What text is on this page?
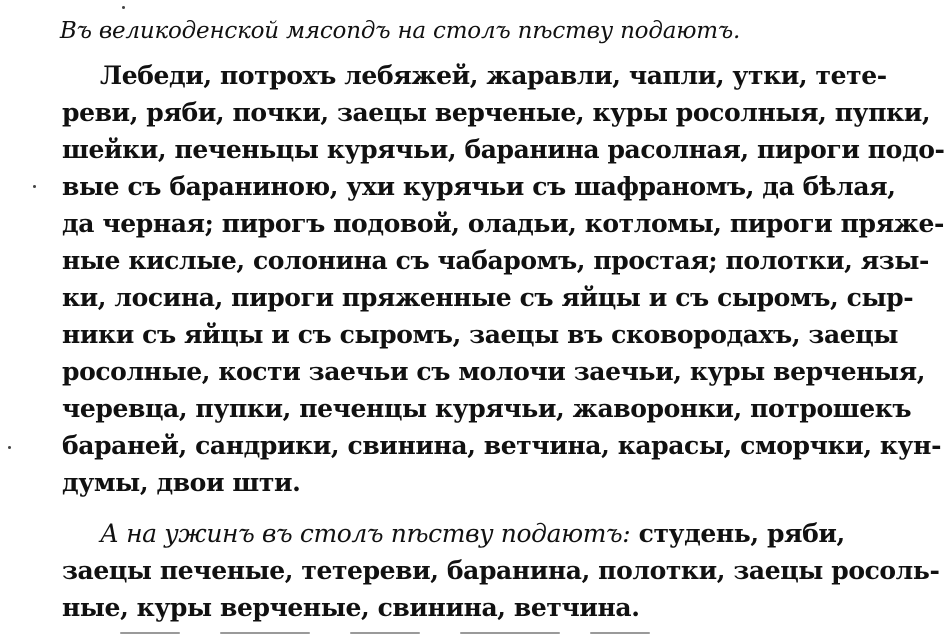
Въ великоденской мясопдъ на столъ пѣству подаютъ.
Лебеди, потрохъ лебяжей, жаравли, чапли, утки, тете-
реви, ряби, почки, заецы верченые, куры росолныя, пупки,
шейки, печеньцы курячьи, баранина расолная, пироги подо-
вые съ бараниною, ухи курячьи съ шафраномъ, да бѣлая,
да черная; пирогъ подовой, оладьи, котломы, пироги пряже-
ные кислые, солонина съ чабаромъ, простая; полотки, язы-
ки, лосина, пироги пряженные съ яйцы и съ сыромъ, сыр-
ники съ яйцы и съ сыромъ, заецы въ сковородахъ, заецы
росолные, кости заечьи съ молочи заечьи, куры верченыя,
черевца, пупки, печенцы курячьи, жаворонки, потрошекъ
бараней, сандрики, свинина, ветчина, карасы, сморчки, кун-
думы, двои шти.
А на ужинъ въ столъ пѣству подаютъ: студень, ряби,
заецы печеные, тетереви, баранина, полотки, заецы росоль-
ные, куры верченые, свинина, ветчина.
